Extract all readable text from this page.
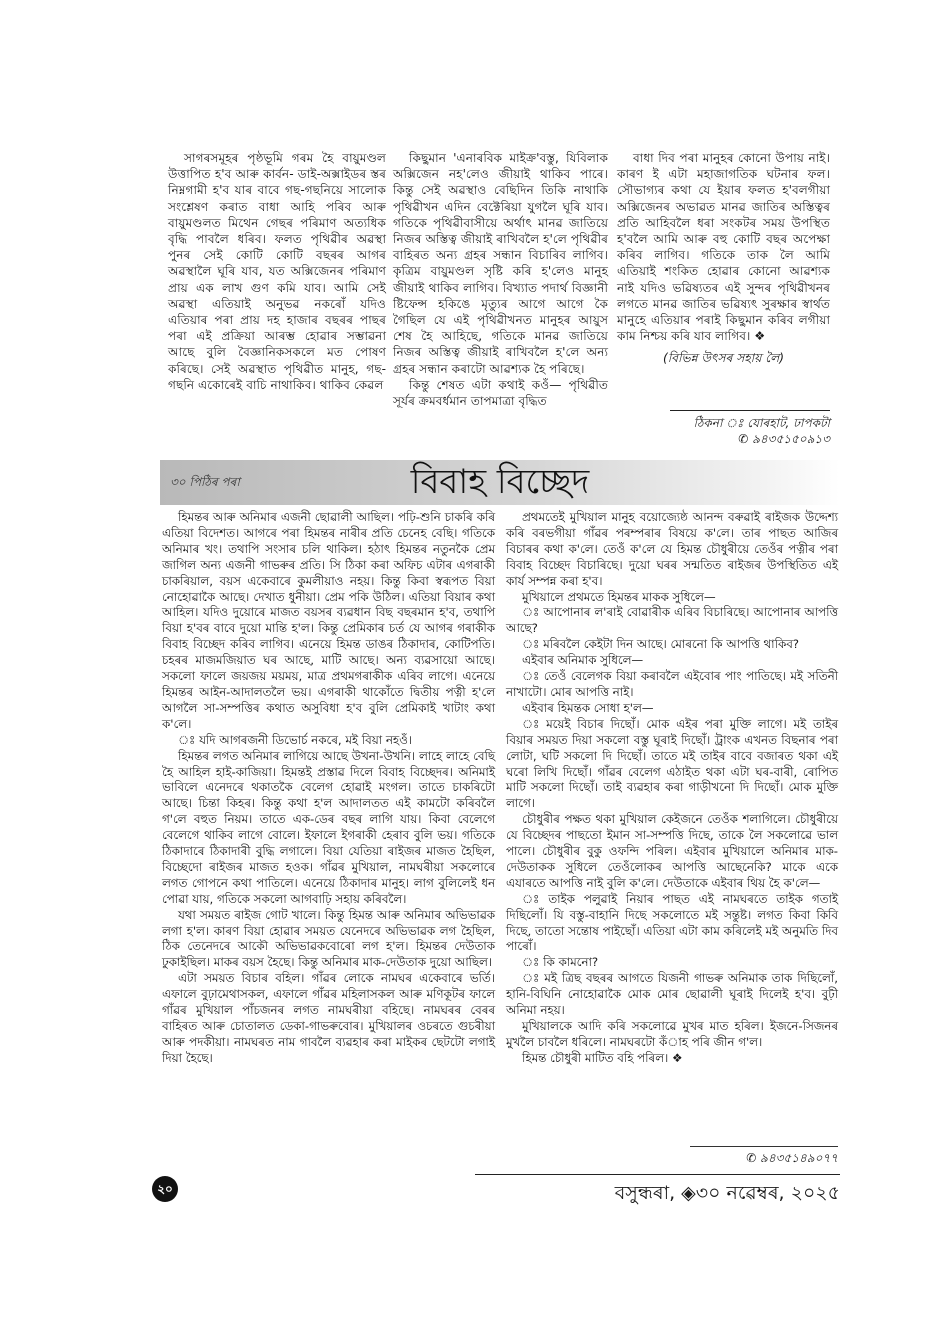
সাগৰসমূহৰ পৃষ্ঠভূমি গৰম হৈ বায়ুমণ্ডল উত্তাপিত হ'ব আৰু কাৰ্বন- ডাই-অক্সাইডৰ স্তৰ নিম্নগামী হ'ব যাৰ বাবে গছ-গছনিয়ে সালোক সংশ্লেষণ কৰাত বাধা আহি পৰিব আৰু বায়ুমণ্ডলত মিথেন গেছৰ পৰিমাণ অত্যধিক বৃদ্ধি পাবলৈ ধৰিব। ফলত পৃথিৱীৰ অৱস্থা পুনৰ সেই কোটি কোটি বছৰৰ আগৰ অৱস্থালৈ ঘূৰি যাব, যত অক্সিজেনৰ পৰিমাণ প্ৰায় এক লাখ গুণ কমি যাব। আমি সেই অৱস্থা এতিয়াই অনুভৱ নকৰোঁ যদিও এতিয়াৰ পৰা প্ৰায় দহ হাজাৰ বছৰৰ পাছৰ পৰা এই প্ৰক্ৰিয়া আৰম্ভ হোৱাৰ সম্ভাৱনা আছে বুলি বৈজ্ঞানিকসকলে মত পোষণ কৰিছে। সেই অৱস্থাত পৃথিৱীত মানুহ, গছ-গছনি একোৰেই বাচি নাথাকিব। থাকিব কেৱল

কিছুমান 'এনাৰবিক মাইক্ৰ'বস্তু, যিবিলাক অক্সিজেন নহ'লেও জীয়াই থাকিব পাৰে। কিন্তু সেই অৱস্থাও বেছিদিন তিকি নাথাকি পৃথিৱীখন এদিন বেক্টেৰিয়া যুগলৈ ঘূৰি যাব। গতিকে পৃথিৱীবাসীয়ে অৰ্থাৎ মানৱ জাতিয়ে নিজৰ অস্তিত্ব জীয়াই ৰাখিবলৈ হ'লে পৃথিৱীৰ বাহিৰত অন্য গ্ৰহৰ সন্ধান বিচাৰিব লাগিব। কৃত্ৰিম বায়ুমণ্ডল সৃষ্টি কৰি হ'লেও মানুহ জীয়াই থাকিব লাগিব। বিখ্যাত পদাৰ্থ বিজ্ঞানী ষ্টিফেন্স হকিঙে মৃত্যুৰ আগে আগে কৈ গৈছিল যে এই পৃথিৱীখনত মানুহৰ আয়ুস শেষ হৈ আহিছে, গতিকে মানৱ জাতিয়ে নিজৰ অস্তিত্ব জীয়াই ৰাখিবলৈ হ'লে অন্য গ্ৰহৰ সন্ধান কৰাটো আৱশ্যক হৈ পৰিছে।

কিন্তু শেষত এটা কথাই কওঁ— পৃথিৱীত সূৰ্যৰ ক্ৰমবৰ্ধমান তাপমাত্ৰা বৃদ্ধিত

বাধা দিব পৰা মানুহৰ কোনো উপায় নাই। কাৰণ ই এটা মহাজাগতিক ঘটনাৰ ফল। সৌভাগ্যৰ কথা যে ইয়াৰ ফলত হ'বলগীয়া অক্সিজেনৰ অভাৱত মানৱ জাতিৰ অস্তিত্বৰ প্ৰতি আহিবলৈ ধৰা সংকটৰ সময় উপস্থিত হ'বলৈ আমি আৰু বহু কোটি বছৰ অপেক্ষা কৰিব লাগিব। গতিকে তাক লৈ আমি এতিয়াই শংকিত হোৱাৰ কোনো আৱশ্যক নাই যদিও ভৱিষ্যতৰ এই সুন্দৰ পৃথিৱীখনৰ লগতে মানৱ জাতিৰ ভৱিষ্যৎ সুৰক্ষাৰ স্বাৰ্থত মানুহে এতিয়াৰ পৰাই কিছুমান কৰিব লগীয়া কাম নিশ্চয় কৰি যাব লাগিব। ❖

(বিভিন্ন উৎসৰ সহায় লৈ)

ঠিকনা ঃ যোৰহাট, ঢাপকটা
✆ ৯৪৩৫১৫০৯১৩
৩০ পিঠিৰ পৰা	বিবাহ বিচ্ছেদ

হিমন্তৰ আৰু অনিমাৰ এজনী ছোৱালী আছিল। পঢ়ি-শুনি চাকৰি কৰি এতিয়া বিদেশত। আগৰে পৰা হিমন্তৰ নাৰীৰ প্ৰতি চেনেহ বেছি। গতিকে অনিমাৰ খং। তথাপি সংসাৰ চলি থাকিল। হঠাৎ হিমন্তৰ নতুনকৈ প্ৰেম জাগিল অন্য এজনী গাভৰুৰ প্ৰতি। সি ঠিকা কৰা অফিচ এটাৰ এগৰাকী চাকৰিয়াল, বয়স একেবাৰে কুমলীয়াও নহয়। কিন্তু কিবা স্বৰূপত বিয়া নোহোৱাকৈ আছে। দেখাত ধুনীয়া। প্ৰেম পকি উঠিল। এতিয়া বিয়াৰ কথা আহিল। যদিও দুয়োৰে মাজত বয়সৰ ব্যৱধান বিছ বছৰমান হ'ব, তথাপি বিয়া হ'বৰ বাবে দুয়ো মান্তি হ'ল। কিন্তু প্ৰেমিকাৰ চৰ্ত যে আগৰ গৰাকীক বিবাহ বিচ্ছেদ কৰিব লাগিব। এনেয়ে হিমন্ত ডাঙৰ ঠিকাদাৰ, কোটিপতি। চহৰৰ মাজমজিয়াত ঘৰ আছে, মাটি আছে। অন্য ব্যৱসায়ো আছে। সকলো ফালে জয়জয় ময়ময়, মাত্ৰ প্ৰথমগৰাকীক এৰিব লাগে। এনেয়ে হিমন্তৰ আইন-আদালতলৈ ভয়। এগৰাকী থাকোঁতে দ্বিতীয় পত্নী হ'লে আগলৈ সা-সম্পত্তিৰ কথাত অসুবিধা হ'ব বুলি প্ৰেমিকাই খাটাং কথা ক'লে।

ঃ যদি আগৰজনী ডিভোৰ্চ নকৰে, মই বিয়া নহওঁ।

হিমন্তৰ লগত অনিমাৰ লাগিয়ে আছে উখনা-উখনি। লাহে লাহে বেছি হৈ আহিল হাই-কাজিয়া। হিমন্তই প্ৰস্তাৱ দিলে বিবাহ বিচ্ছেদৰ। অনিমাই ভাবিলে এনেদৰে থকাতকৈ বেলেগ হোৱাই মংগল। তাতে চাকৰিটো আছে। চিন্তা কিহৰ। কিন্তু কথা হ'ল আদালতত এই কামটো কৰিবলৈ গ'লে বহুত নিয়ম। তাতে এক-ডেৰ বছৰ লাগি যায়। কিবা বেলেগে বেলেগে থাকিব লাগে বোলে। ইফালে ইগৰাকী হেৰাব বুলি ভয়। গতিকে ঠিকাদাৰে ঠিকাদাৰী বুদ্ধি লগালে। বিয়া যেতিয়া ৰাইজৰ মাজত হৈছিল, বিচ্ছেদো ৰাইজৰ মাজত হওক। গাঁৱৰ মুখিয়াল, নামঘৰীয়া সকলোৰে লগত গোপনে কথা পাতিলে। এনেয়ে ঠিকাদাৰ মানুহ। লাগ বুলিলেই ধন পোৱা যায়, গতিকে সকলো আগবাঢ়ি সহায় কৰিবলৈ।

যথা সময়ত ৰাইজ গোট খালে। কিন্তু হিমন্ত আৰু অনিমাৰ অভিভাৱক লগা হ'ল। কাৰণ বিয়া হোৱাৰ সময়ত যেনেদৰে অভিভাৱক লগ হৈছিল, ঠিক তেনেদৰে আকৌ অভিভাৱকবোৰো লগ হ'ল। হিমন্তৰ দেউতাক ঢুকাইছিল। মাকৰ বয়স হৈছে। কিন্তু অনিমাৰ মাক-দেউতাক দুয়ো আছিল।

এটা সময়ত বিচাৰ বহিল। গাঁৱৰ লোকে নামঘৰ একেবাৰে ভৰ্তি। এফালে বুঢ়ামেথাসকল, এফালে গাঁৱৰ মহিলাসকল আৰু মণিকূটৰ ফালে গাঁৱৰ মুখিয়াল পাঁচজনৰ লগত নামঘৰীয়া বহিছে। নামঘৰৰ বেৰৰ বাহিৰত আৰু চোতালত ডেকা-গাভৰুবোৰ। মুখিয়ালৰ ওচৰতে গুচৰীয়া আৰু পদকীয়া। নামঘৰত নাম গাবলৈ ব্যৱহাৰ কৰা মাইকৰ ছেটটো লগাই দিয়া হৈছে।

প্ৰথমতেই মুখিয়াল মানুহ বয়োজ্যেষ্ঠ আনন্দ বৰুৱাই ৰাইজক উদ্দেশ্য কৰি বৰভগীয়া গাঁৱৰ পৰম্পৰাৰ বিষয়ে ক'লে। তাৰ পাছত আজিৰ বিচাৰৰ কথা ক'লে। তেওঁ ক'লে যে হিমন্ত চৌধুৰীয়ে তেওঁৰ পত্নীৰ পৰা বিবাহ বিচ্ছেদ বিচাৰিছে। দুয়ো ঘৰৰ সন্মতিত ৰাইজৰ উপস্থিতিত এই কাৰ্য সম্পন্ন কৰা হ'ব।

মুখিয়ালে প্ৰথমতে হিমন্তৰ মাকক সুধিলে—

ঃ আপোনাৰ ল'ৰাই বোৱাৰীক এৰিব বিচাৰিছে। আপোনাৰ আপত্তি আছে?

ঃ মৰিবলৈ কেইটা দিন আছে। মোৰনো কি আপত্তি থাকিব?

এইবাৰ অনিমাক সুধিলে—

ঃ তেওঁ বেলেগক বিয়া কৰাবলৈ এইবোৰ পাং পাতিছে। মই সতিনী নাখাটো। মোৰ আপত্তি নাই।

এইবাৰ হিমন্তক সোধা হ'ল—

ঃ ময়েই বিচাৰ দিছোঁ। মোক এইৰ পৰা মুক্তি লাগে। মই তাইৰ বিয়াৰ সময়ত দিয়া সকলো বস্তু ঘূৰাই দিছোঁ। ট্ৰাংক এখনত বিছনাৰ পৰা লোটা, ঘটি সকলো দি দিছোঁ। তাতে মই তাইৰ বাবে বজাৰত থকা এই ঘৰো লিখি দিছোঁ। গাঁৱৰ বেলেগ এঠাইত থকা এটা ঘৰ-বাৰী, ৰোপিত মাটি সকলো দিছোঁ। তাই ব্যৱহাৰ কৰা গাড়ীখনো দি দিছোঁ। মোক মুক্তি লাগে।

চৌধুৰীৰ পক্ষত থকা মুখিয়াল কেইজনে তেওঁক শলাগিলে। চৌধুৰীয়ে যে বিচ্ছেদৰ পাছতো ইমান সা-সম্পত্তি দিছে, তাকে লৈ সকলোৱে ভাল পালে। চৌধুৰীৰ বুকু ওফন্দি পৰিল। এইবাৰ মুখিয়ালে অনিমাৰ মাক-দেউতাকক সুধিলে তেওঁলোকৰ আপত্তি আছেনেকি? মাকে একে এযাৰতে আপত্তি নাই বুলি ক'লে। দেউতাকে এইবাৰ থিয় হৈ ক'লে—

ঃ তাইক পলুৱাই নিয়াৰ পাছত এই নামঘৰতে তাইক গতাই দিছিলোঁ। যি বস্তু-বাহানি দিছে সকলোতে মই সন্তুষ্ট। লগত কিবা কিবি দিছে, তাতো সন্তোষ পাইছোঁ। এতিয়া এটা কাম কৰিলেই মই অনুমতি দিব পাৰোঁ।

ঃ কি কামনো?

ঃ মই ত্ৰিছ বছৰৰ আগতে যিজনী গাভৰু অনিমাক তাক দিছিলোঁ, হানি-বিঘিনি নোহোৱাকৈ মোক মোৰ ছোৱালী ঘূৰাই দিলেই হ'ব। বুঢ়ী অনিমা নহয়।

মুখিয়ালকে আদি কৰি সকলোৱে মুখৰ মাত হৰিল। ইজনে-সিজনৰ মুখলৈ চাবলৈ ধৰিলে। নামঘৰটো কঁাহ পৰি জীন গ'ল।

হিমন্ত চৌধুৰী মাটিত বহি পৰিল। ❖

✆ ৯৪৩৫১৪৯০৭৭
২০	বসুন্ধৰা, ◈৩০ নৱেম্বৰ, ২০২৫
